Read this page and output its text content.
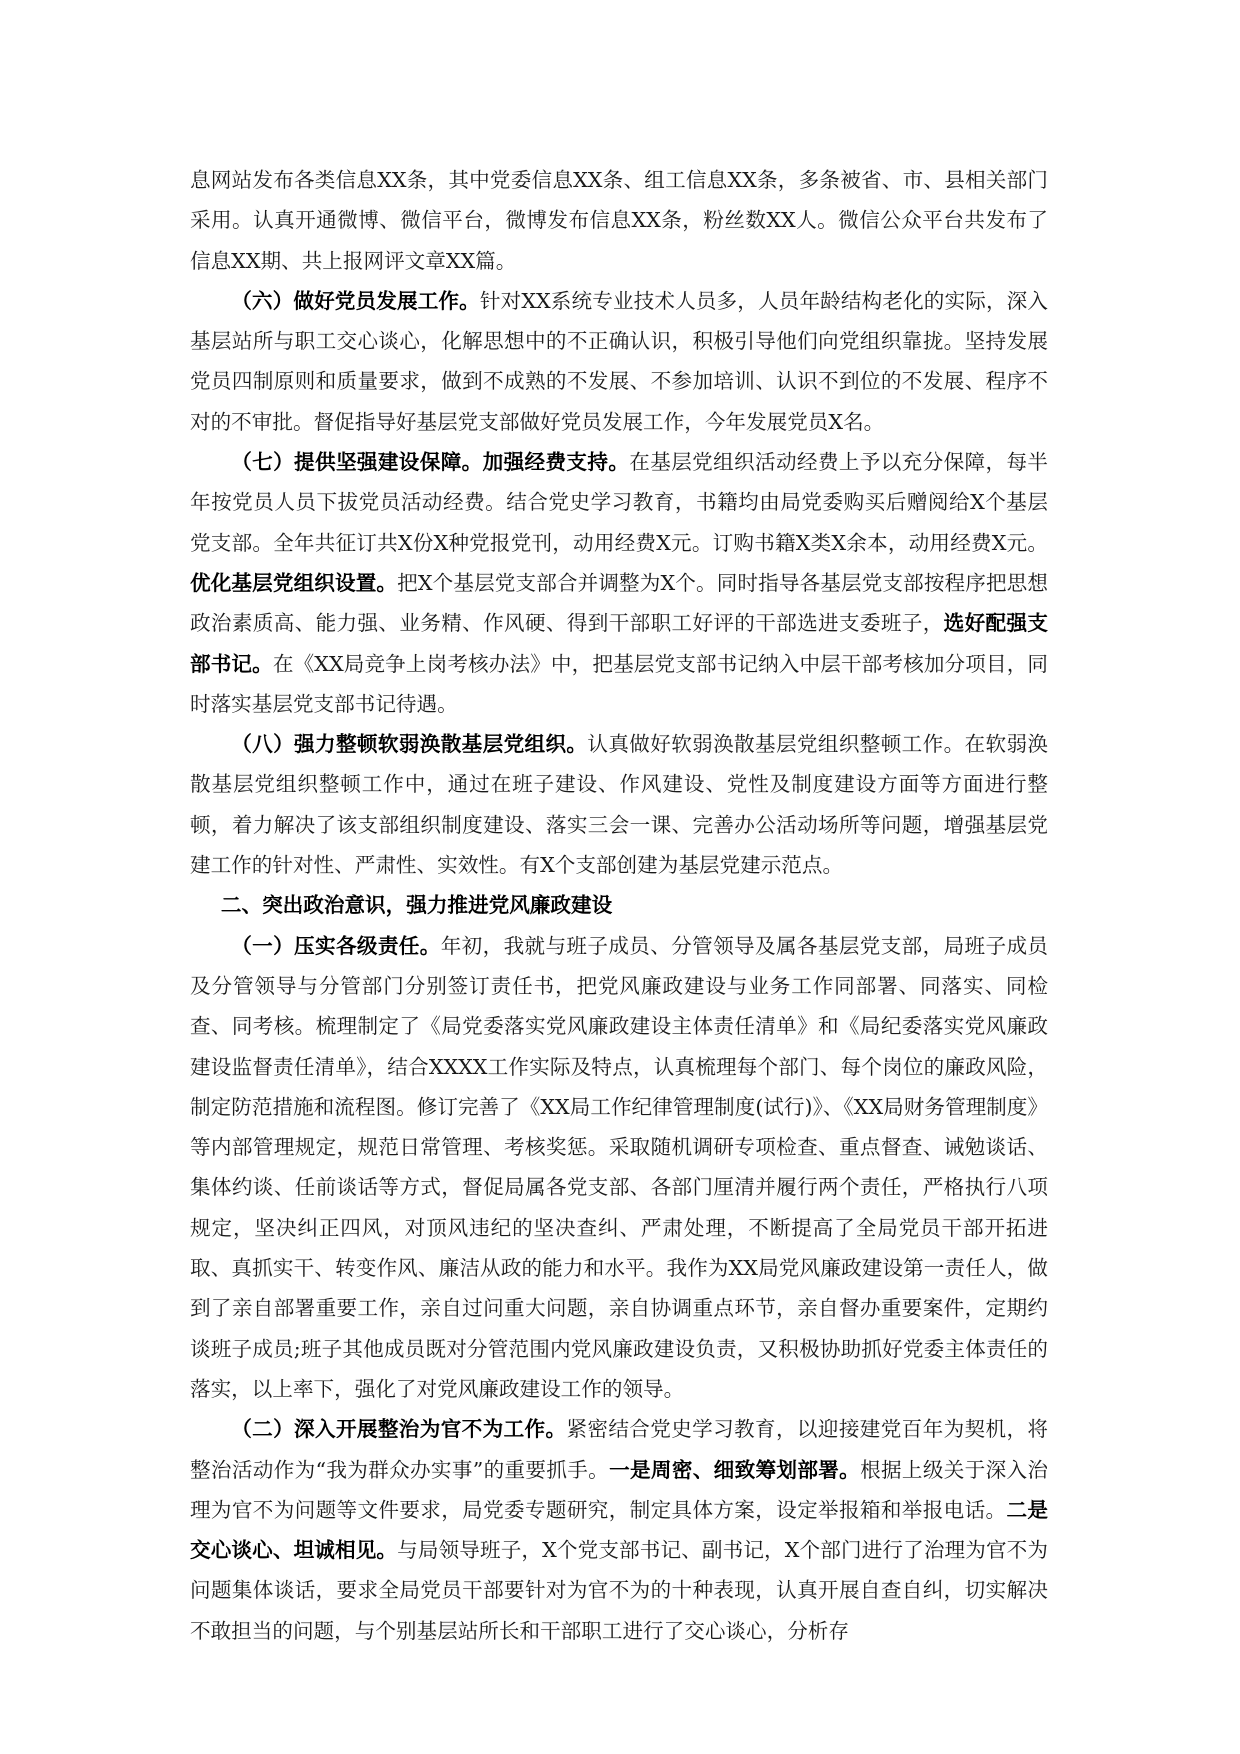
息网站发布各类信息XX条，其中党委信息XX条、组工信息XX条，多条被省、市、县相关部门采用。认真开通微博、微信平台，微博发布信息XX条，粉丝数XX人。微信公众平台共发布了信息XX期、共上报网评文章XX篇。

（六）做好党员发展工作。针对XX系统专业技术人员多，人员年龄结构老化的实际，深入基层站所与职工交心谈心，化解思想中的不正确认识，积极引导他们向党组织靠拢。坚持发展党员四制原则和质量要求，做到不成熟的不发展、不参加培训、认识不到位的不发展、程序不对的不审批。督促指导好基层党支部做好党员发展工作，今年发展党员X名。

（七）提供坚强建设保障。加强经费支持。在基层党组织活动经费上予以充分保障，每半年按党员人员下拔党员活动经费。结合党史学习教育，书籍均由局党委购买后赠阅给X个基层党支部。全年共征订共X份X种党报党刊，动用经费X元。订购书籍X类X余本，动用经费X元。优化基层党组织设置。把X个基层党支部合并调整为X个。同时指导各基层党支部按程序把思想政治素质高、能力强、业务精、作风硬、得到干部职工好评的干部选进支委班子，选好配强支部书记。在《XX局竞争上岗考核办法》中，把基层党支部书记纳入中层干部考核加分项目，同时落实基层党支部书记待遇。

（八）强力整顿软弱涣散基层党组织。认真做好软弱涣散基层党组织整顿工作。在软弱涣散基层党组织整顿工作中，通过在班子建设、作风建设、党性及制度建设方面等方面进行整顿，着力解决了该支部组织制度建设、落实三会一课、完善办公活动场所等问题，增强基层党建工作的针对性、严肃性、实效性。有X个支部创建为基层党建示范点。

二、突出政治意识，强力推进党风廉政建设

（一）压实各级责任。年初，我就与班子成员、分管领导及属各基层党支部，局班子成员及分管领导与分管部门分别签订责任书，把党风廉政建设与业务工作同部署、同落实、同检查、同考核。梳理制定了《局党委落实党风廉政建设主体责任清单》和《局纪委落实党风廉政建设监督责任清单》，结合XXXX工作实际及特点，认真梳理每个部门、每个岗位的廉政风险，制定防范措施和流程图。修订完善了《XX局工作纪律管理制度(试行)》、《XX局财务管理制度》等内部管理规定，规范日常管理、考核奖惩。采取随机调研专项检查、重点督查、诫勉谈话、集体约谈、任前谈话等方式，督促局属各党支部、各部门厘清并履行两个责任，严格执行八项规定，坚决纠正四风，对顶风违纪的坚决查纠、严肃处理，不断提高了全局党员干部开拓进取、真抓实干、转变作风、廉洁从政的能力和水平。我作为XX局党风廉政建设第一责任人，做到了亲自部署重要工作，亲自过问重大问题，亲自协调重点环节，亲自督办重要案件，定期约谈班子成员;班子其他成员既对分管范围内党风廉政建设负责，又积极协助抓好党委主体责任的落实，以上率下，强化了对党风廉政建设工作的领导。

（二）深入开展整治为官不为工作。紧密结合党史学习教育，以迎接建党百年为契机，将整治活动作为“我为群众办实事”的重要抓手。一是周密、细致筹划部署。根据上级关于深入治理为官不为问题等文件要求，局党委专题研究，制定具体方案，设定举报箱和举报电话。二是交心谈心、坦诚相见。与局领导班子，X个党支部书记、副书记，X个部门进行了治理为官不为问题集体谈话，要求全局党员干部要针对为官不为的十种表现，认真开展自查自纠，切实解决不敢担当的问题，与个别基层站所长和干部职工进行了交心谈心，分析存
